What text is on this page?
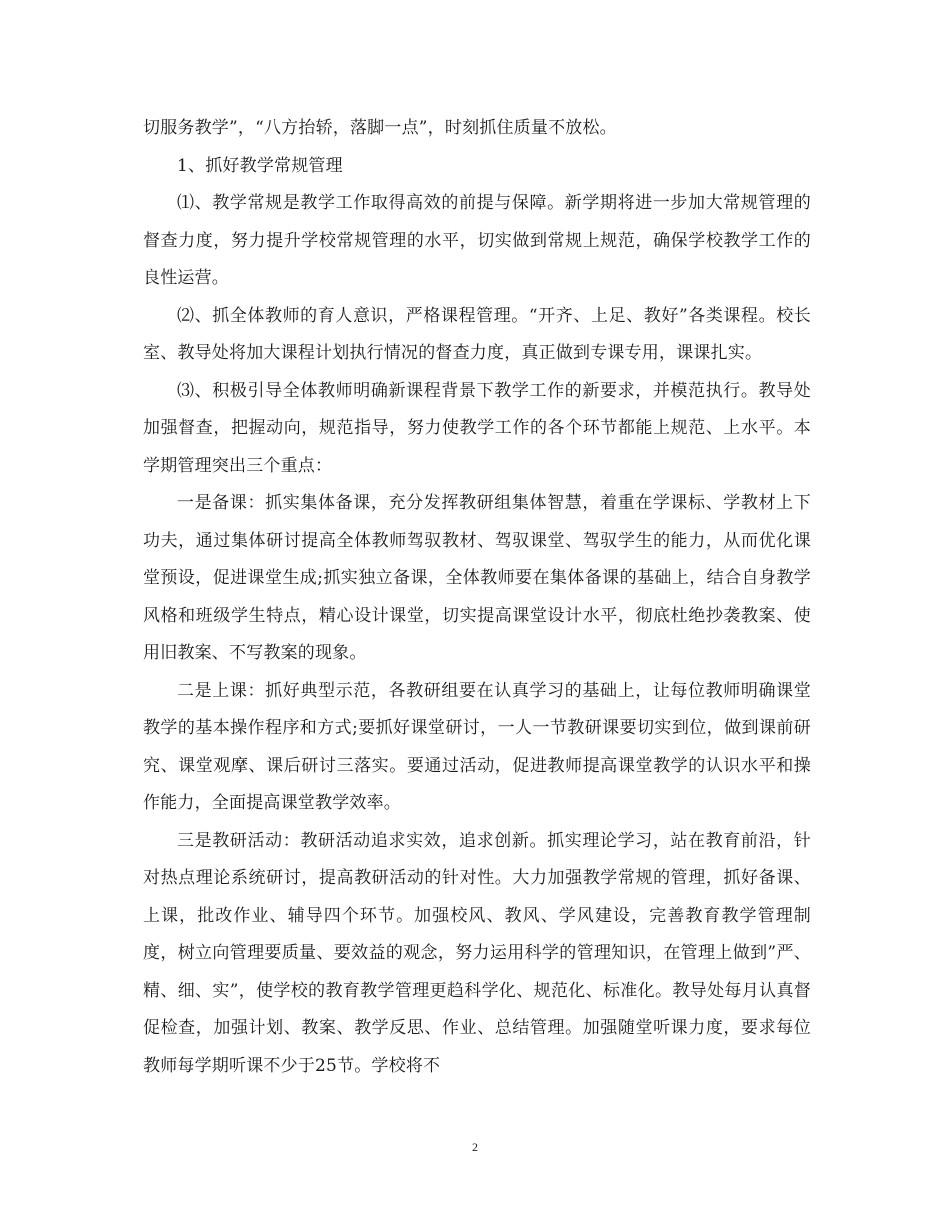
切服务教学”，“八方抬轿，落脚一点”，时刻抓住质量不放松。

1、抓好教学常规管理

⑴、教学常规是教学工作取得高效的前提与保障。新学期将进一步加大常规管理的督查力度，努力提升学校常规管理的水平，切实做到常规上规范，确保学校教学工作的良性运营。

⑵、抓全体教师的育人意识，严格课程管理。“开齐、上足、教好”各类课程。校长室、教导处将加大课程计划执行情况的督查力度，真正做到专课专用，课课扎实。

⑶、积极引导全体教师明确新课程背景下教学工作的新要求，并模范执行。教导处加强督查，把握动向，规范指导，努力使教学工作的各个环节都能上规范、上水平。本学期管理突出三个重点：

一是备课：抓实集体备课，充分发挥教研组集体智慧，着重在学课标、学教材上下功夫，通过集体研讨提高全体教师驾驭教材、驾驭课堂、驾驭学生的能力，从而优化课堂预设，促进课堂生成;抓实独立备课，全体教师要在集体备课的基础上，结合自身教学风格和班级学生特点，精心设计课堂，切实提高课堂设计水平，彻底杜绝抄袭教案、使用旧教案、不写教案的现象。

二是上课：抓好典型示范，各教研组要在认真学习的基础上，让每位教师明确课堂教学的基本操作程序和方式;要抓好课堂研讨，一人一节教研课要切实到位，做到课前研究、课堂观摩、课后研讨三落实。要通过活动，促进教师提高课堂教学的认识水平和操作能力，全面提高课堂教学效率。

三是教研活动：教研活动追求实效，追求创新。抓实理论学习，站在教育前沿，针对热点理论系统研讨，提高教研活动的针对性。大力加强教学常规的管理，抓好备课、上课，批改作业、辅导四个环节。加强校风、教风、学风建设，完善教育教学管理制度，树立向管理要质量、要效益的观念，努力运用科学的管理知识，在管理上做到”严、精、细、实”，使学校的教育教学管理更趋科学化、规范化、标准化。教导处每月认真督促检查，加强计划、教案、教学反思、作业、总结管理。加强随堂听课力度，要求每位教师每学期听课不少于25节。学校将不

2
